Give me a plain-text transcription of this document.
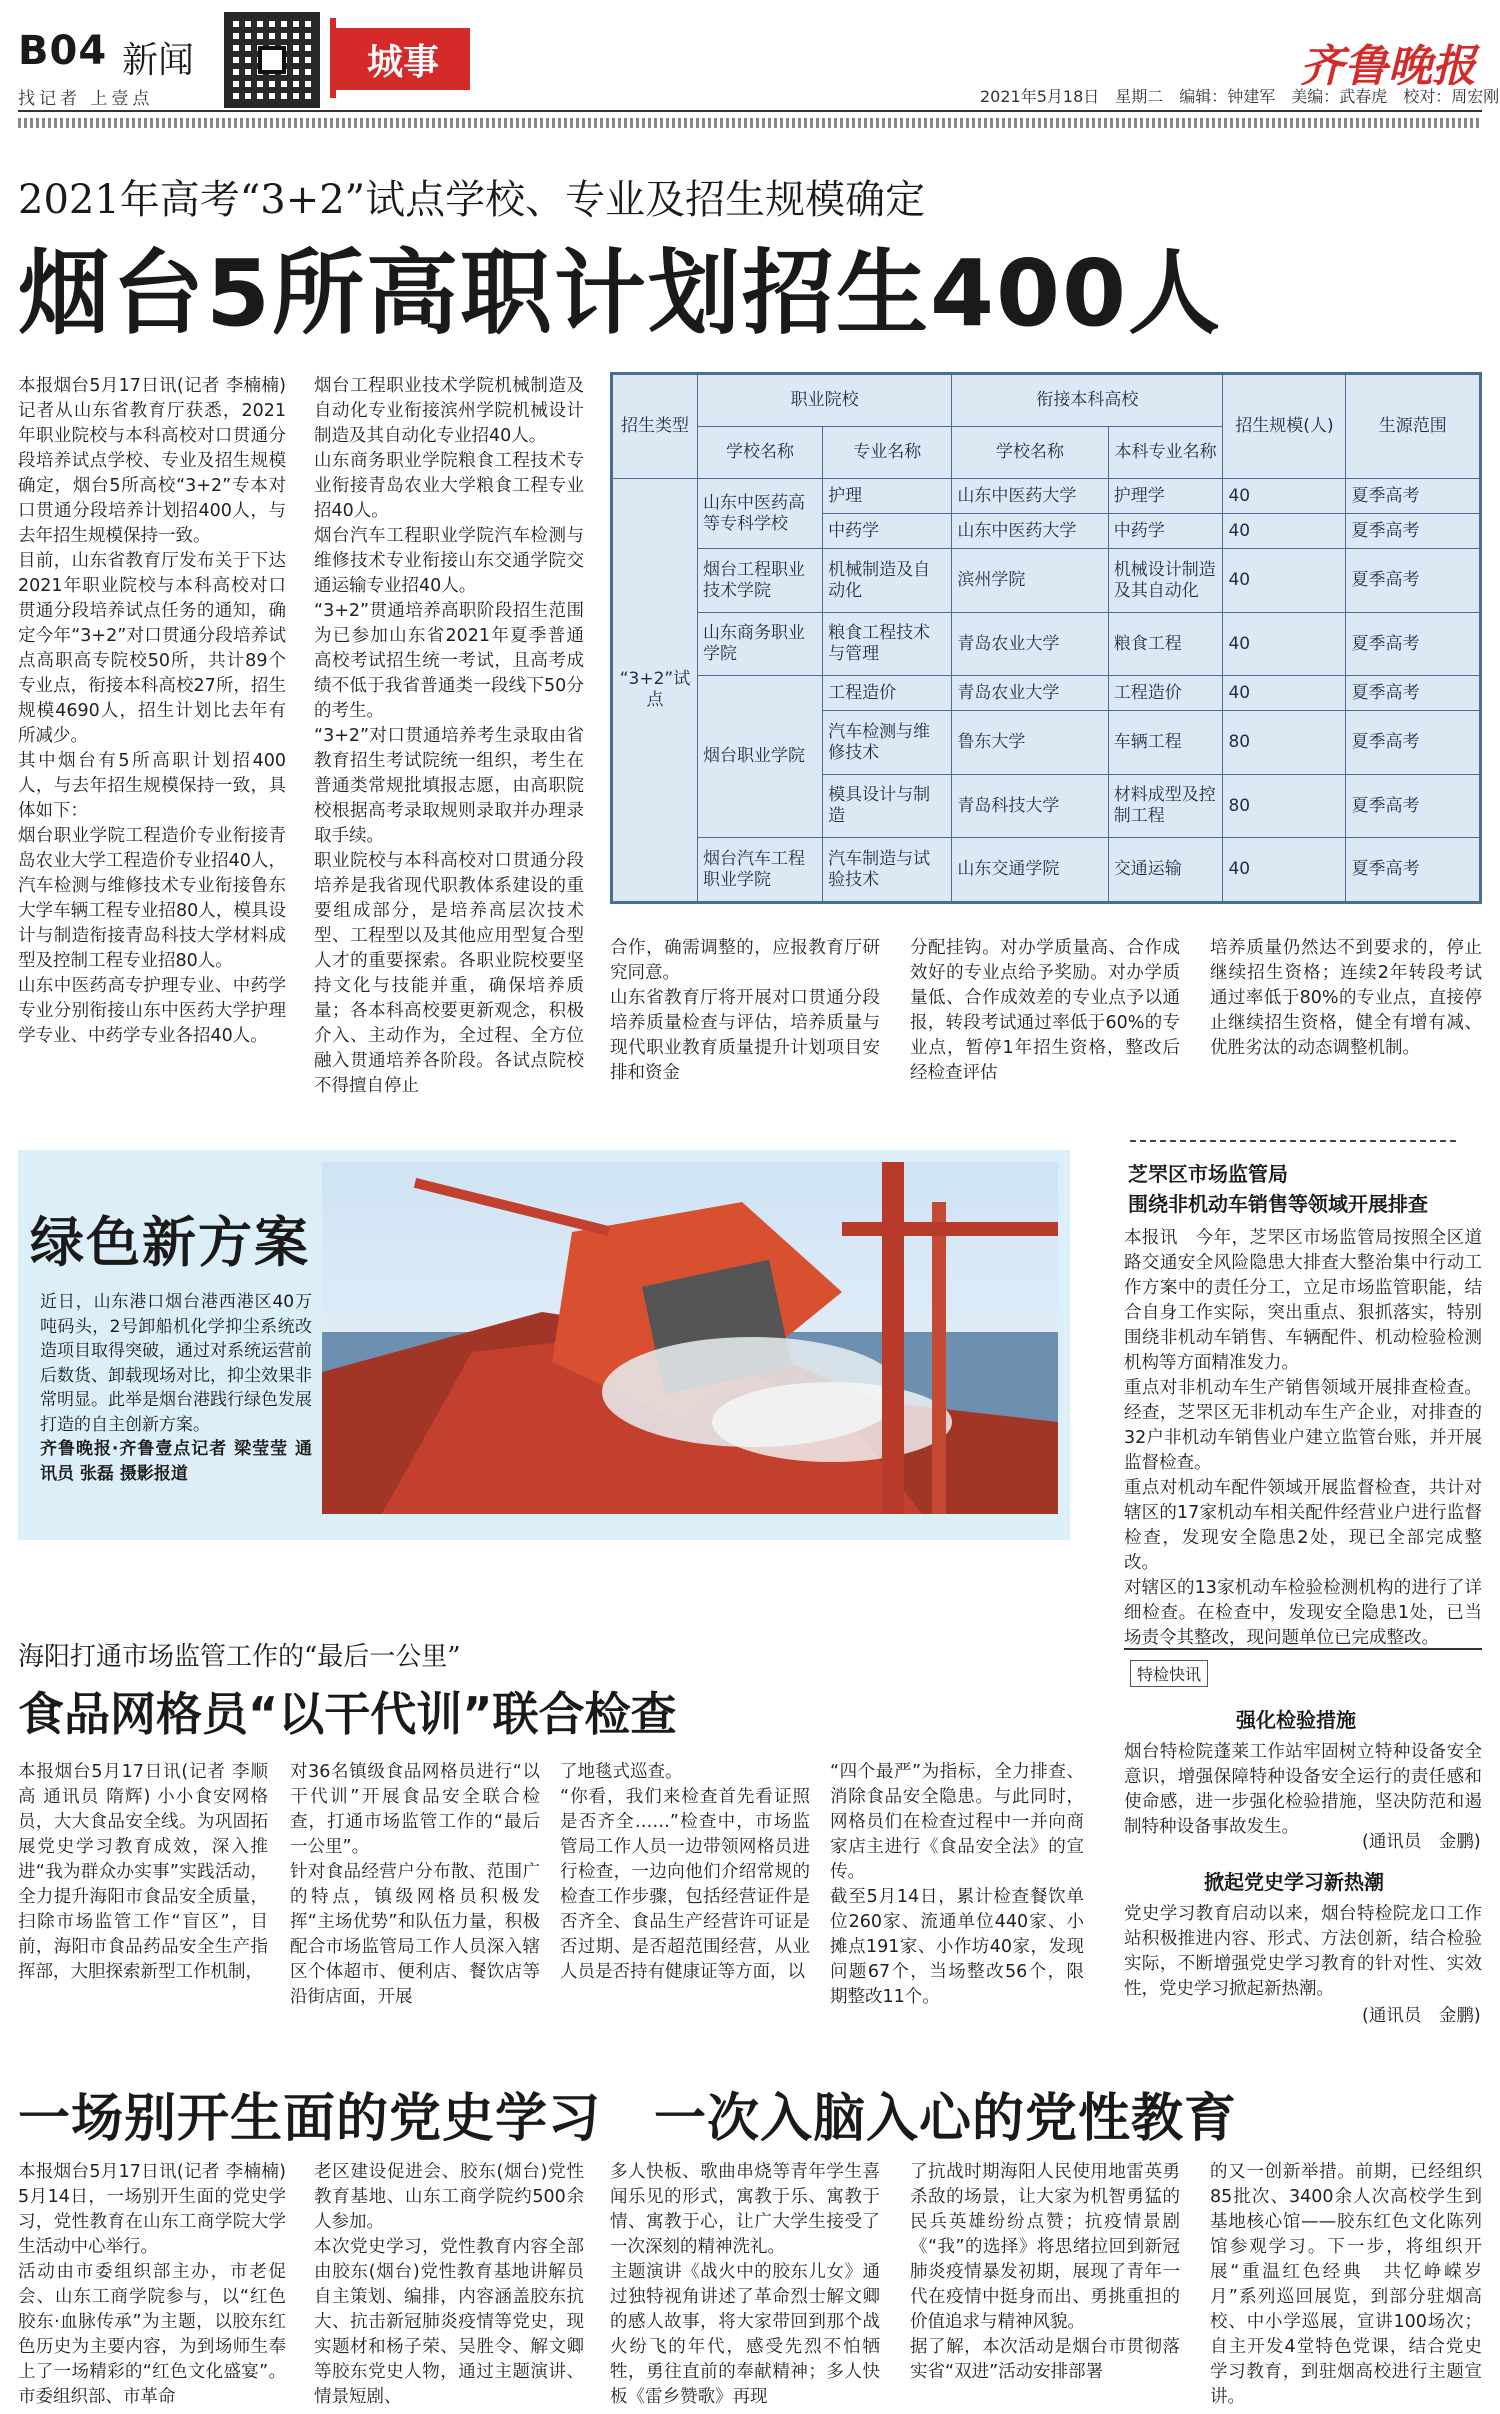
B04 新闻
找记者 上壹点
城事	齐鲁晚报
2021年5月18日　星期二　编辑：钟建军　美编：武春虎　校对：周宏刚
2021年高考“3+2”试点学校、专业及招生规模确定
烟台5所高职计划招生400人
本报烟台5月17日讯(记者 李楠楠) 记者从山东省教育厅获悉，2021年职业院校与本科高校对口贯通分段培养试点学校、专业及招生规模确定，烟台5所高校“3+2”专本对口贯通分段培养计划招400人，与去年招生规模保持一致。
目前，山东省教育厅发布关于下达2021年职业院校与本科高校对口贯通分段培养试点任务的通知，确定今年“3+2”对口贯通分段培养试点高职高专院校50所，共计89个专业点，衔接本科高校27所，招生规模4690人，招生计划比去年有所减少。
其中烟台有5所高职计划招400人，与去年招生规模保持一致，具体如下：
烟台职业学院工程造价专业衔接青岛农业大学工程造价专业招40人，汽车检测与维修技术专业衔接鲁东大学车辆工程专业招80人，模具设计与制造衔接青岛科技大学材料成型及控制工程专业招80人。
山东中医药高专护理专业、中药学专业分别衔接山东中医药大学护理学专业、中药学专业各招40人。
烟台工程职业技术学院机械制造及自动化专业衔接滨州学院机械设计制造及其自动化专业招40人。
山东商务职业学院粮食工程技术专业衔接青岛农业大学粮食工程专业招40人。
烟台汽车工程职业学院汽车检测与维修技术专业衔接山东交通学院交通运输专业招40人。
“3+2”贯通培养高职阶段招生范围为已参加山东省2021年夏季普通高校考试招生统一考试，且高考成绩不低于我省普通类一段线下50分的考生。
“3+2”对口贯通培养考生录取由省教育招生考试院统一组织，考生在普通类常规批填报志愿，由高职院校根据高考录取规则录取并办理录取手续。
职业院校与本科高校对口贯通分段培养是我省现代职教体系建设的重要组成部分，是培养高层次技术型、工程型以及其他应用型复合型人才的重要探索。各职业院校要坚持文化与技能并重，确保培养质量；各本科高校要更新观念，积极介入、主动作为，全过程、全方位融入贯通培养各阶段。各试点院校不得擅自停止
合作，确需调整的，应报教育厅研究同意。
山东省教育厅将开展对口贯通分段培养质量检查与评估，培养质量与现代职业教育质量提升计划项目安排和资金
分配挂钩。对办学质量高、合作成效好的专业点给予奖励。对办学质量低、合作成效差的专业点予以通报，转段考试通过率低于60%的专业点，暂停1年招生资格，整改后经检查评估
培养质量仍然达不到要求的，停止继续招生资格；连续2年转段考试通过率低于80%的专业点，直接停止继续招生资格，健全有增有减、优胜劣汰的动态调整机制。
招生类型	职业院校		衔接本科高校		招生规模(人)	生源范围
	学校名称	专业名称	学校名称	本科专业名称		
“3+2”试点	山东中医药高等专科学校	护理	山东中医药大学	护理学	40	夏季高考
		中药学	山东中医药大学	中药学	40	夏季高考
	烟台工程职业技术学院	机械制造及自动化	滨州学院	机械设计制造及其自动化	40	夏季高考
	山东商务职业学院	粮食工程技术与管理	青岛农业大学	粮食工程	40	夏季高考
	烟台职业学院	工程造价	青岛农业大学	工程造价	40	夏季高考
		汽车检测与维修技术	鲁东大学	车辆工程	80	夏季高考
		模具设计与制造	青岛科技大学	材料成型及控制工程	80	夏季高考
	烟台汽车工程职业学院	汽车制造与试验技术	山东交通学院	交通运输	40	夏季高考
绿色新方案
近日，山东港口烟台港西港区40万吨码头，2号卸船机化学抑尘系统改造项目取得突破，通过对系统运营前后数货、卸载现场对比，抑尘效果非常明显。此举是烟台港践行绿色发展打造的自主创新方案。
齐鲁晚报·齐鲁壹点记者 梁莹莹 通讯员 张磊 摄影报道
芝罘区市场监管局
围绕非机动车销售等领域开展排查
本报讯　今年，芝罘区市场监管局按照全区道路交通安全风险隐患大排查大整治集中行动工作方案中的责任分工，立足市场监管职能，结合自身工作实际，突出重点、狠抓落实，特别围绕非机动车销售、车辆配件、机动检验检测机构等方面精准发力。
重点对非机动车生产销售领域开展排查检查。经查，芝罘区无非机动车生产企业，对排查的32户非机动车销售业户建立监管台账，并开展监督检查。
重点对机动车配件领域开展监督检查，共计对辖区的17家机动车相关配件经营业户进行监督检查，发现安全隐患2处，现已全部完成整改。
对辖区的13家机动车检验检测机构的进行了详细检查。在检查中，发现安全隐患1处，已当场责令其整改，现问题单位已完成整改。
特检快讯
强化检验措施
烟台特检院蓬莱工作站牢固树立特种设备安全意识，增强保障特种设备安全运行的责任感和使命感，进一步强化检验措施，坚决防范和遏制特种设备事故发生。
(通讯员　金鹏)
掀起党史学习新热潮
党史学习教育启动以来，烟台特检院龙口工作站积极推进内容、形式、方法创新，结合检验实际，不断增强党史学习教育的针对性、实效性，党史学习掀起新热潮。
(通讯员　金鹏)
海阳打通市场监管工作的“最后一公里”
食品网格员“以干代训”联合检查
本报烟台5月17日讯(记者 李顺高 通讯员 隋辉) 小小食安网格员，大大食品安全线。为巩固拓展党史学习教育成效，深入推进“我为群众办实事”实践活动，全力提升海阳市食品安全质量，扫除市场监管工作“盲区”，目前，海阳市食品药品安全生产指挥部，大胆探索新型工作机制，
对36名镇级食品网格员进行“以干代训”开展食品安全联合检查，打通市场监管工作的“最后一公里”。
针对食品经营户分布散、范围广的特点，镇级网格员积极发挥“主场优势”和队伍力量，积极配合市场监管局工作人员深入辖区个体超市、便利店、餐饮店等沿街店面，开展
了地毯式巡查。
“你看，我们来检查首先看证照是否齐全……”检查中，市场监管局工作人员一边带领网格员进行检查，一边向他们介绍常规的检查工作步骤，包括经营证件是否齐全、食品生产经营许可证是否过期、是否超范围经营，从业人员是否持有健康证等方面，以
“四个最严”为指标，全力排查、消除食品安全隐患。与此同时，网格员们在检查过程中一并向商家店主进行《食品安全法》的宣传。
截至5月14日，累计检查餐饮单位260家、流通单位440家、小摊点191家、小作坊40家，发现问题67个，当场整改56个，限期整改11个。
一场别开生面的党史学习　一次入脑入心的党性教育
本报烟台5月17日讯(记者 李楠楠) 5月14日，一场别开生面的党史学习，党性教育在山东工商学院大学生活动中心举行。
活动由市委组织部主办，市老促会、山东工商学院参与，以“红色胶东·血脉传承”为主题，以胶东红色历史为主要内容，为到场师生奉上了一场精彩的“红色文化盛宴”。市委组织部、市革命
老区建设促进会、胶东(烟台)党性教育基地、山东工商学院约500余人参加。
本次党史学习，党性教育内容全部由胶东(烟台)党性教育基地讲解员自主策划、编排，内容涵盖胶东抗大、抗击新冠肺炎疫情等党史，现实题材和杨子荣、吴胜令、解文卿等胶东党史人物，通过主题演讲、情景短剧、
多人快板、歌曲串烧等青年学生喜闻乐见的形式，寓教于乐、寓教于情、寓教于心，让广大学生接受了一次深刻的精神洗礼。
主题演讲《战火中的胶东儿女》通过独特视角讲述了革命烈士解文卿的感人故事，将大家带回到那个战火纷飞的年代，感受先烈不怕牺牲，勇往直前的奉献精神；多人快板《雷乡赞歌》再现
了抗战时期海阳人民使用地雷英勇杀敌的场景，让大家为机智勇猛的民兵英雄纷纷点赞；抗疫情景剧《“我”的选择》将思绪拉回到新冠肺炎疫情暴发初期，展现了青年一代在疫情中挺身而出、勇挑重担的价值追求与精神风貌。
据了解，本次活动是烟台市贯彻落实省“双进”活动安排部署
的又一创新举措。前期，已经组织85批次、3400余人次高校学生到基地核心馆——胶东红色文化陈列馆参观学习。下一步，将组织开展“重温红色经典　共忆峥嵘岁月”系列巡回展览，到部分驻烟高校、中小学巡展，宣讲100场次；自主开发4堂特色党课，结合党史学习教育，到驻烟高校进行主题宣讲。
